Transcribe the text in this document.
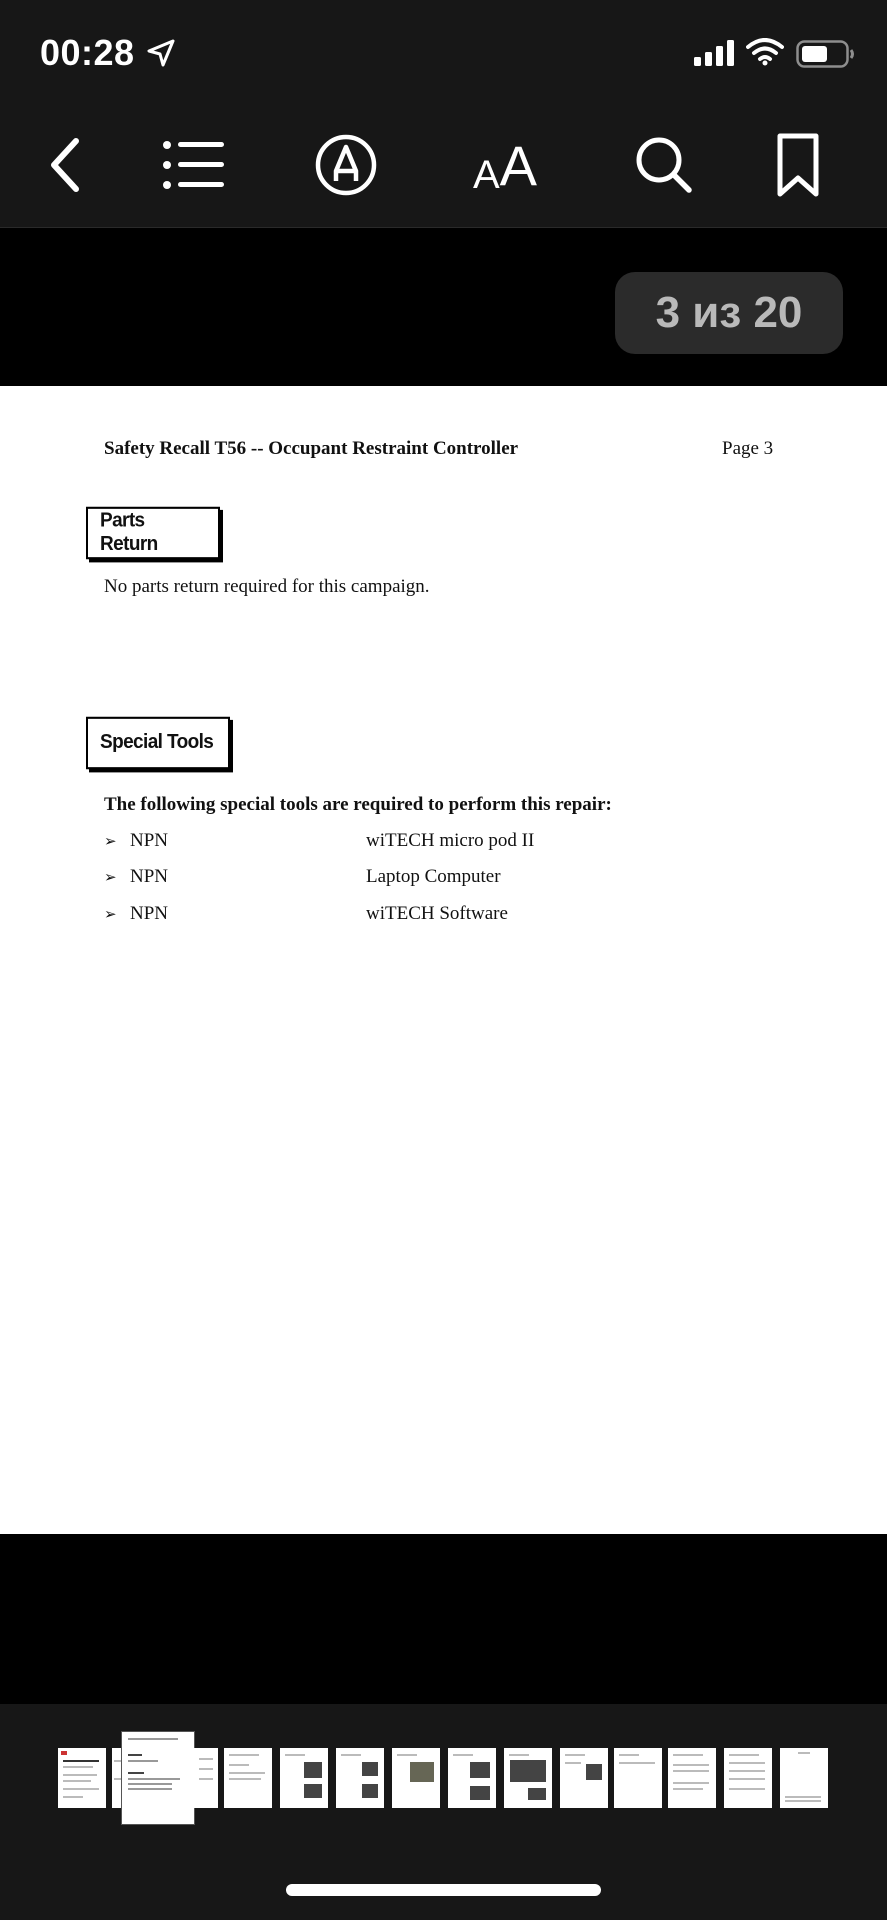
00:28
A A
3 из 20
Safety Recall T56 -- Occupant Restraint Controller	Page 3
Parts Return
No parts return required for this campaign.
Special Tools
The following special tools are required to perform this repair:
➢ NPN	wiTECH micro pod II
➢ NPN	Laptop Computer
➢ NPN	wiTECH Software
